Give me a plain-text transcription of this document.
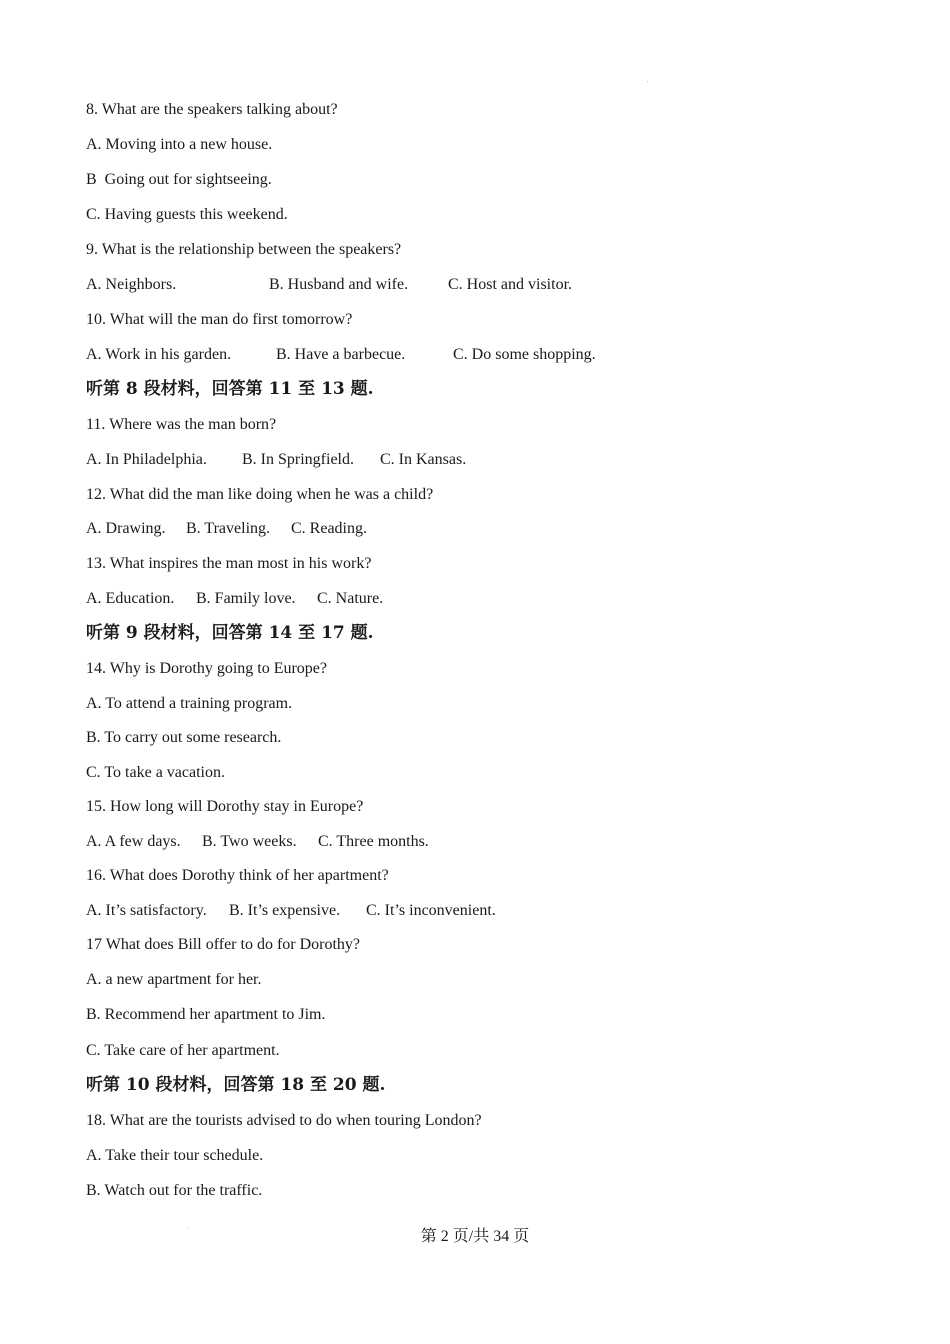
8. What are the speakers talking about?
A. Moving into a new house.
B  Going out for sightseeing.
C. Having guests this weekend.
9. What is the relationship between the speakers?
A. Neighbors.	B. Husband and wife. C. Host and visitor.
10. What will the man do first tomorrow?
A. Work in his garden.	B. Have a barbecue.	C. Do some shopping.
听第 8 段材料，回答第 11 至 13 题.
11. Where was the man born?
A. In Philadelphia. B. In Springfield. C. In Kansas.
12. What did the man like doing when he was a child?
A. Drawing. B. Traveling. C. Reading.
13. What inspires the man most in his work?
A. Education. B. Family love. C. Nature.
听第 9 段材料，回答第 14 至 17 题.
14. Why is Dorothy going to Europe?
A. To attend a training program.
B. To carry out some research.
C. To take a vacation.
15. How long will Dorothy stay in Europe?
A. A few days. B. Two weeks. C. Three months.
16. What does Dorothy think of her apartment?
A. It’s satisfactory. B. It’s expensive. C. It’s inconvenient.
17 What does Bill offer to do for Dorothy?
A. a new apartment for her.
B. Recommend her apartment to Jim.
C. Take care of her apartment.
听第 10 段材料，回答第 18 至 20 题.
18. What are the tourists advised to do when touring London?
A. Take their tour schedule.
B. Watch out for the traffic.
第 2 页/共 34 页
